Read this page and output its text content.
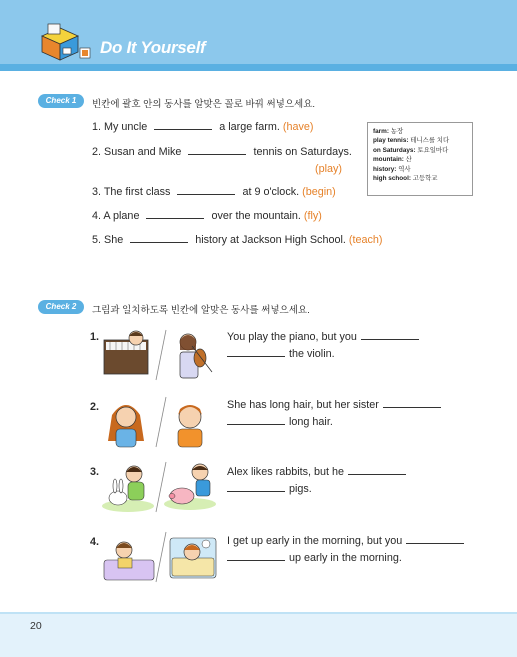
Do It Yourself
Check 1	빈칸에 괄호 안의 동사를 알맞은 꼴로 바꿔 써넣으세요.
1. My uncle	a large farm. (have)
2. Susan and Mike	tennis on Saturdays.
(play)
3. The first class	at 9 o'clock. (begin)
4. A plane	over the mountain. (fly)
5. She	history at Jackson High School. (teach)
farm: 농장
play tennis: 테니스를 치다
on Saturdays: 토요일마다
mountain: 산
history: 역사
high school: 고등학교
Check 2	그림과 일치하도록 빈칸에 알맞은 동사를 써넣으세요.
1.	You play the piano, but you
the violin.
2.	She has long hair, but her sister
long hair.
3.	Alex likes rabbits, but he
pigs.
4.	I get up early in the morning, but you
up early in the morning.
20
